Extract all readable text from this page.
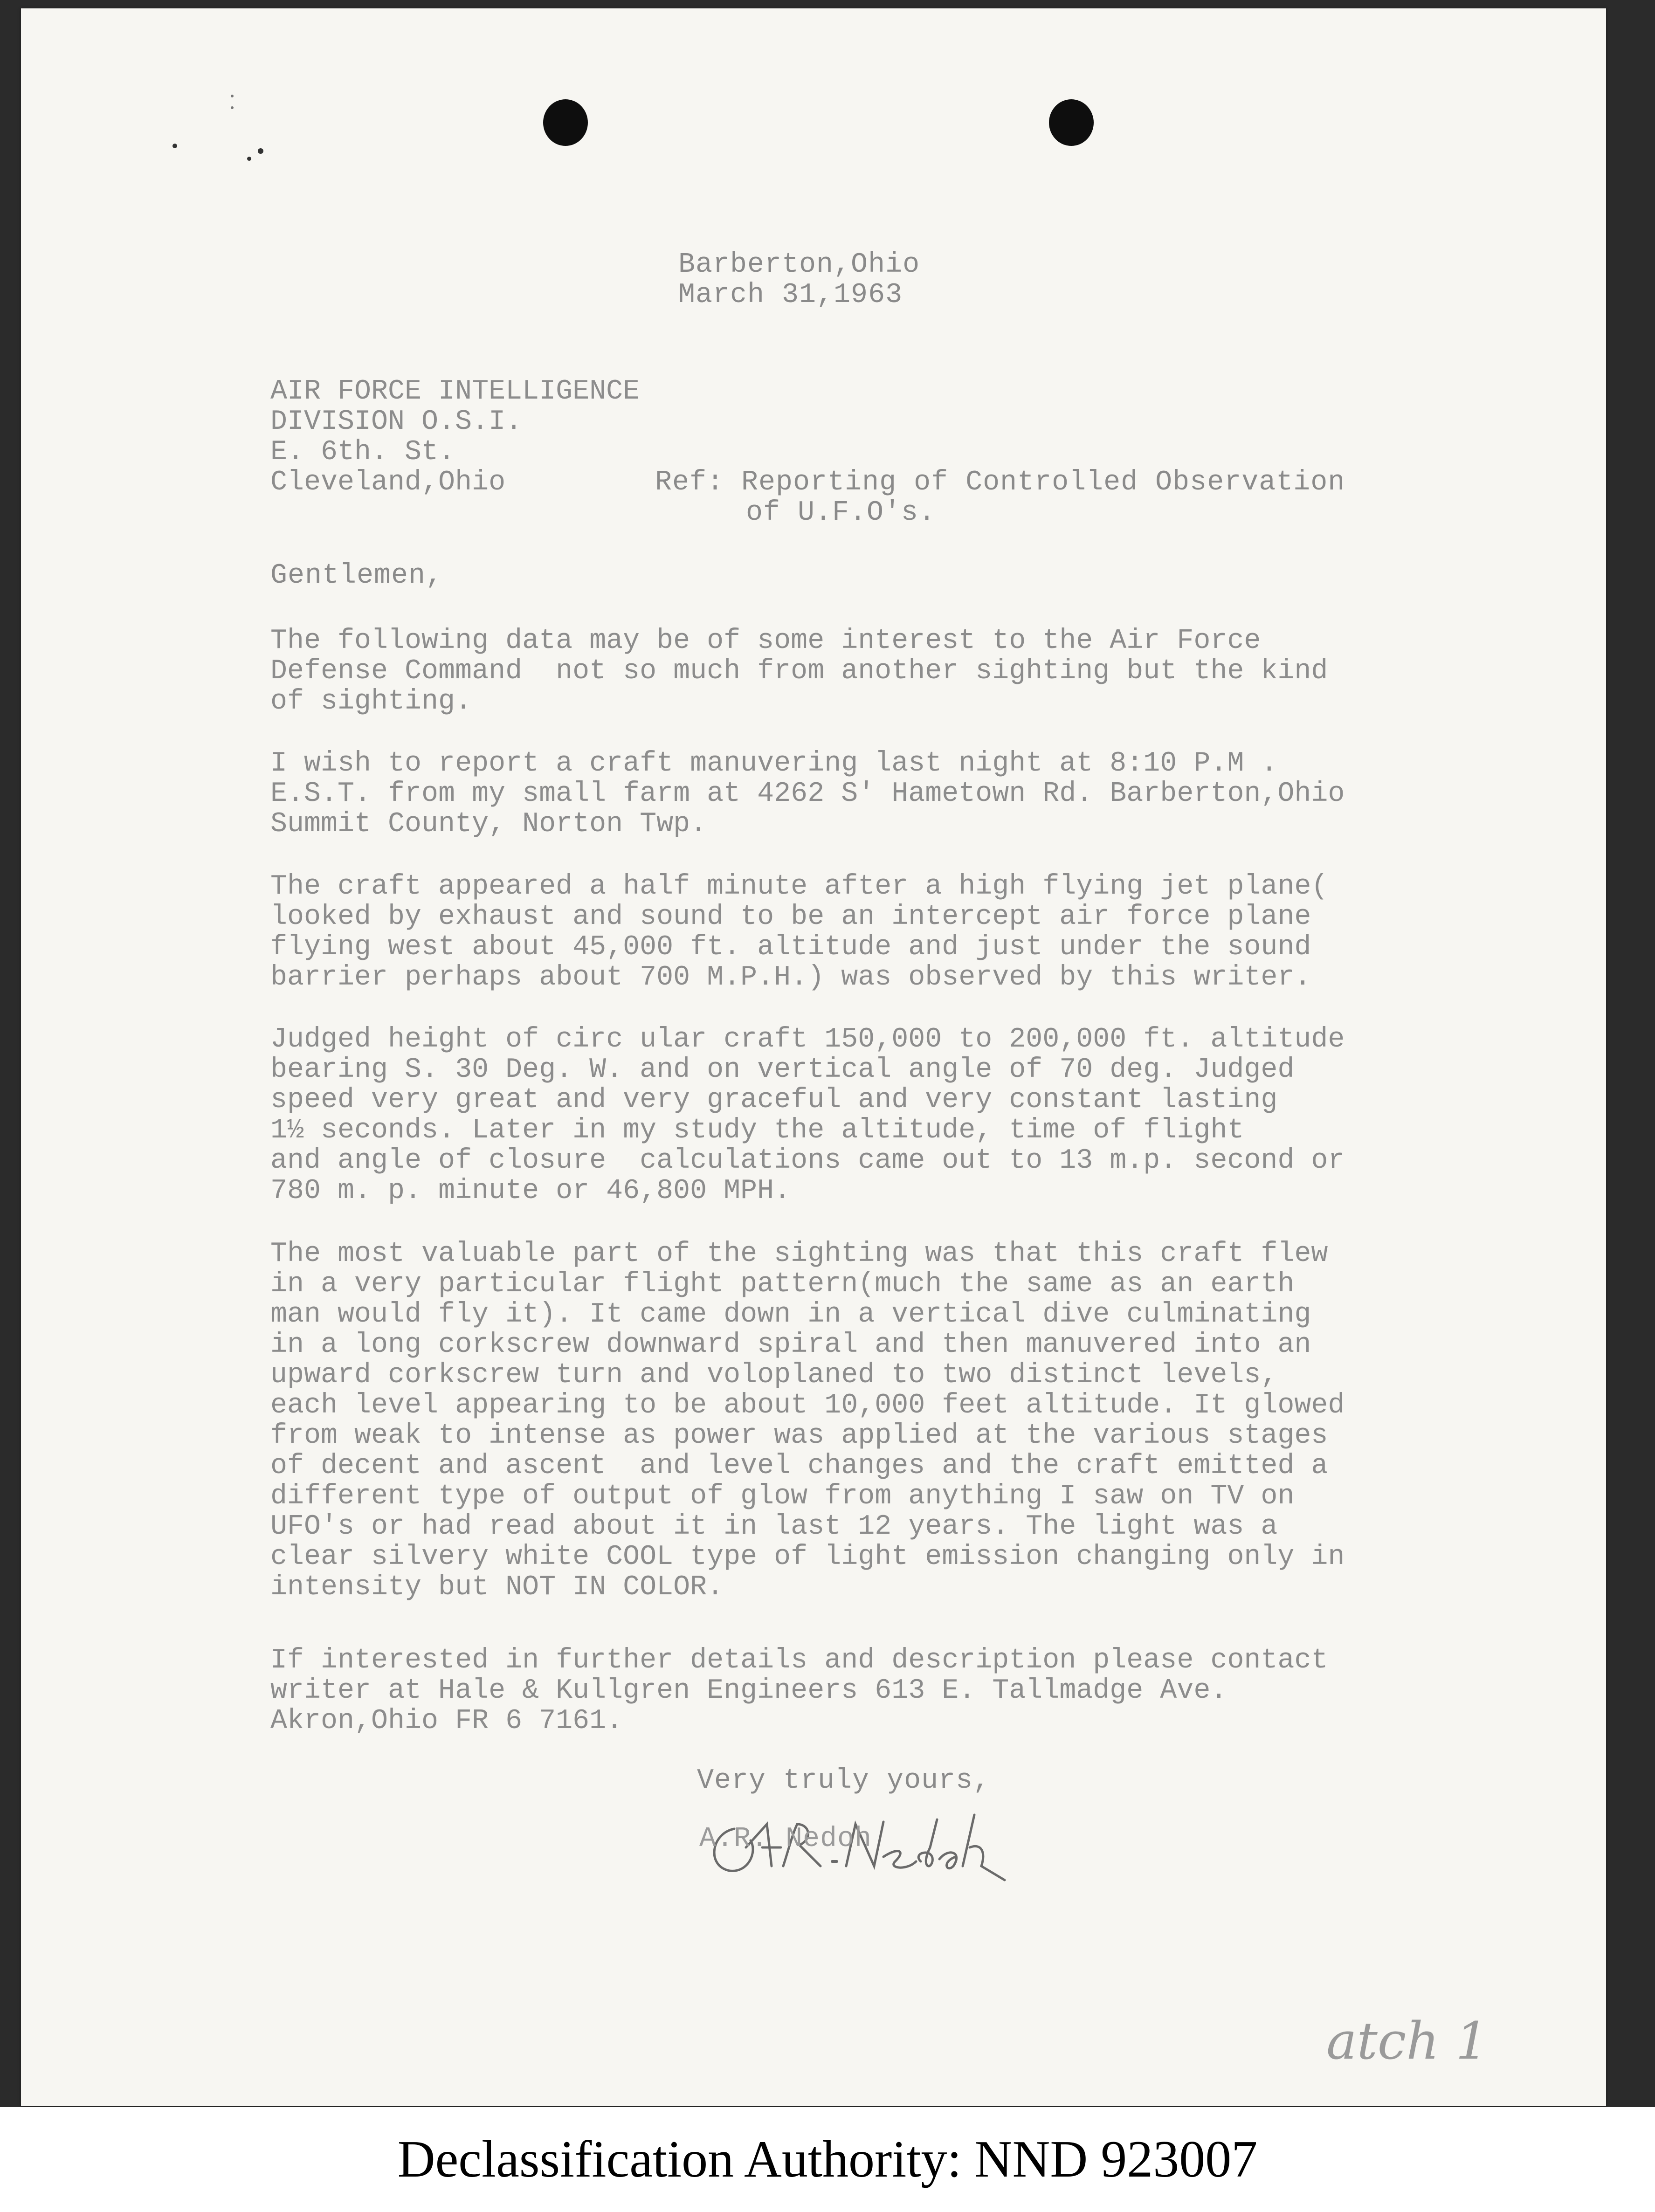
Barberton,Ohio
March 31,1963
AIR FORCE INTELLIGENCE
DIVISION O.S.I.
E. 6th. St.
Cleveland,Ohio	Ref: Reporting of Controlled Observation
of U.F.O's.
Gentlemen,
The following data may be of some interest to the Air Force
Defense Command  not so much from another sighting but the kind
of sighting.
I wish to report a craft manuvering last night at 8:10 P.M .
E.S.T. from my small farm at 4262 S' Hametown Rd. Barberton,Ohio
Summit County, Norton Twp.
The craft appeared a half minute after a high flying jet plane(
looked by exhaust and sound to be an intercept air force plane
flying west about 45,000 ft. altitude and just under the sound
barrier perhaps about 700 M.P.H.) was observed by this writer.
Judged height of circ ular craft 150,000 to 200,000 ft. altitude
bearing S. 30 Deg. W. and on vertical angle of 70 deg. Judged
speed very great and very graceful and very constant lasting
1½ seconds. Later in my study the altitude, time of flight
and angle of closure  calculations came out to 13 m.p. second or
780 m. p. minute or 46,800 MPH.
The most valuable part of the sighting was that this craft flew
in a very particular flight pattern(much the same as an earth
man would fly it). It came down in a vertical dive culminating
in a long corkscrew downward spiral and then manuvered into an
upward corkscrew turn and voloplaned to two distinct levels,
each level appearing to be about 10,000 feet altitude. It glowed
from weak to intense as power was applied at the various stages
of decent and ascent  and level changes and the craft emitted a
different type of output of glow from anything I saw on TV on
UFO's or had read about it in last 12 years. The light was a
clear silvery white COOL type of light emission changing only in
intensity but NOT IN COLOR.
If interested in further details and description please contact
writer at Hale & Kullgren Engineers 613 E. Tallmadge Ave.
Akron,Ohio FR 6 7161.
Very truly yours,
A.R. Nedoh
atch 1
Declassification Authority: NND 923007
